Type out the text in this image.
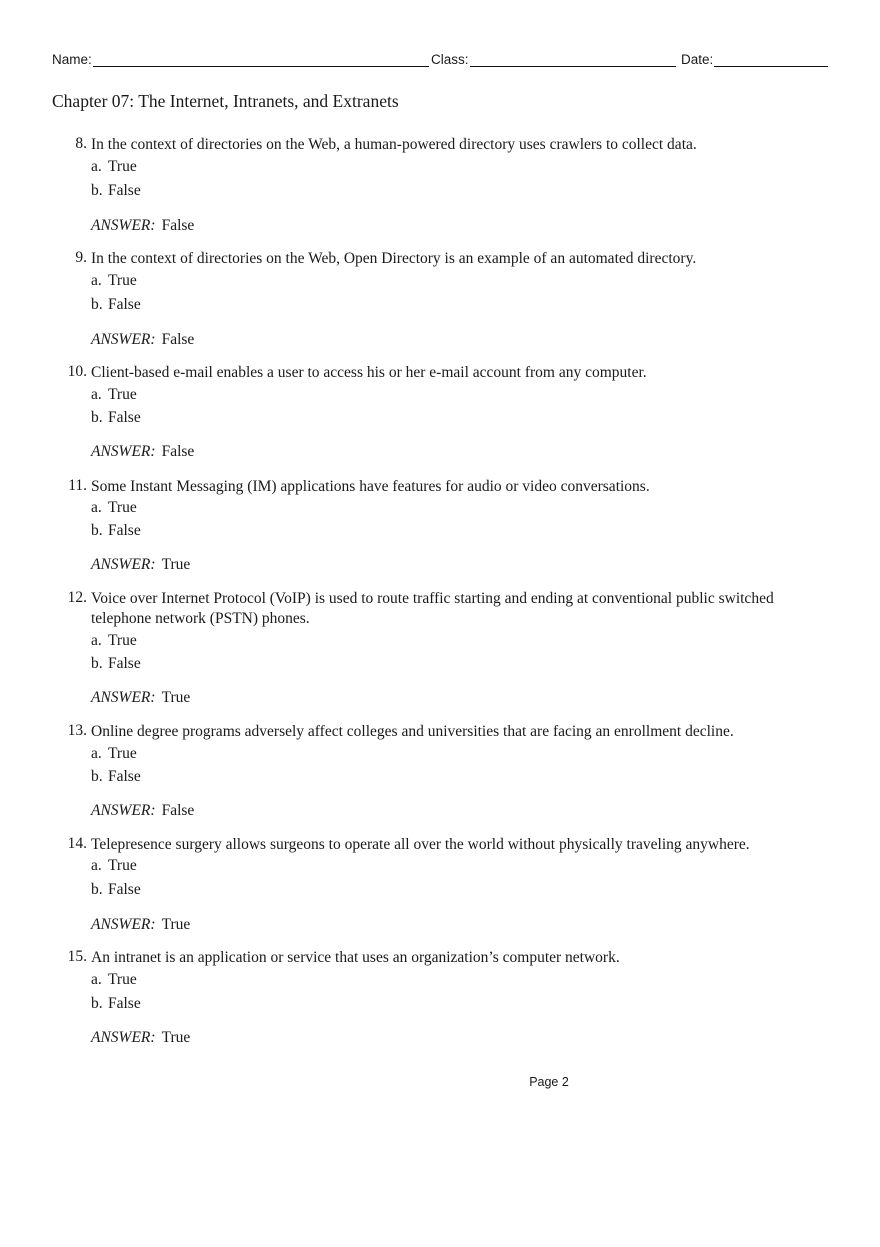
Name:	Class:	Date:
Chapter 07: The Internet, Intranets, and Extranets
8. In the context of directories on the Web, a human-powered directory uses crawlers to collect data.
a. True
b. False
ANSWER: False
9. In the context of directories on the Web, Open Directory is an example of an automated directory.
a. True
b. False
ANSWER: False
10. Client-based e-mail enables a user to access his or her e-mail account from any computer.
a. True
b. False
ANSWER: False
11. Some Instant Messaging (IM) applications have features for audio or video conversations.
a. True
b. False
ANSWER: True
12. Voice over Internet Protocol (VoIP) is used to route traffic starting and ending at conventional public switched telephone network (PSTN) phones.
a. True
b. False
ANSWER: True
13. Online degree programs adversely affect colleges and universities that are facing an enrollment decline.
a. True
b. False
ANSWER: False
14. Telepresence surgery allows surgeons to operate all over the world without physically traveling anywhere.
a. True
b. False
ANSWER: True
15. An intranet is an application or service that uses an organization’s computer network.
a. True
b. False
ANSWER: True
Page 2
